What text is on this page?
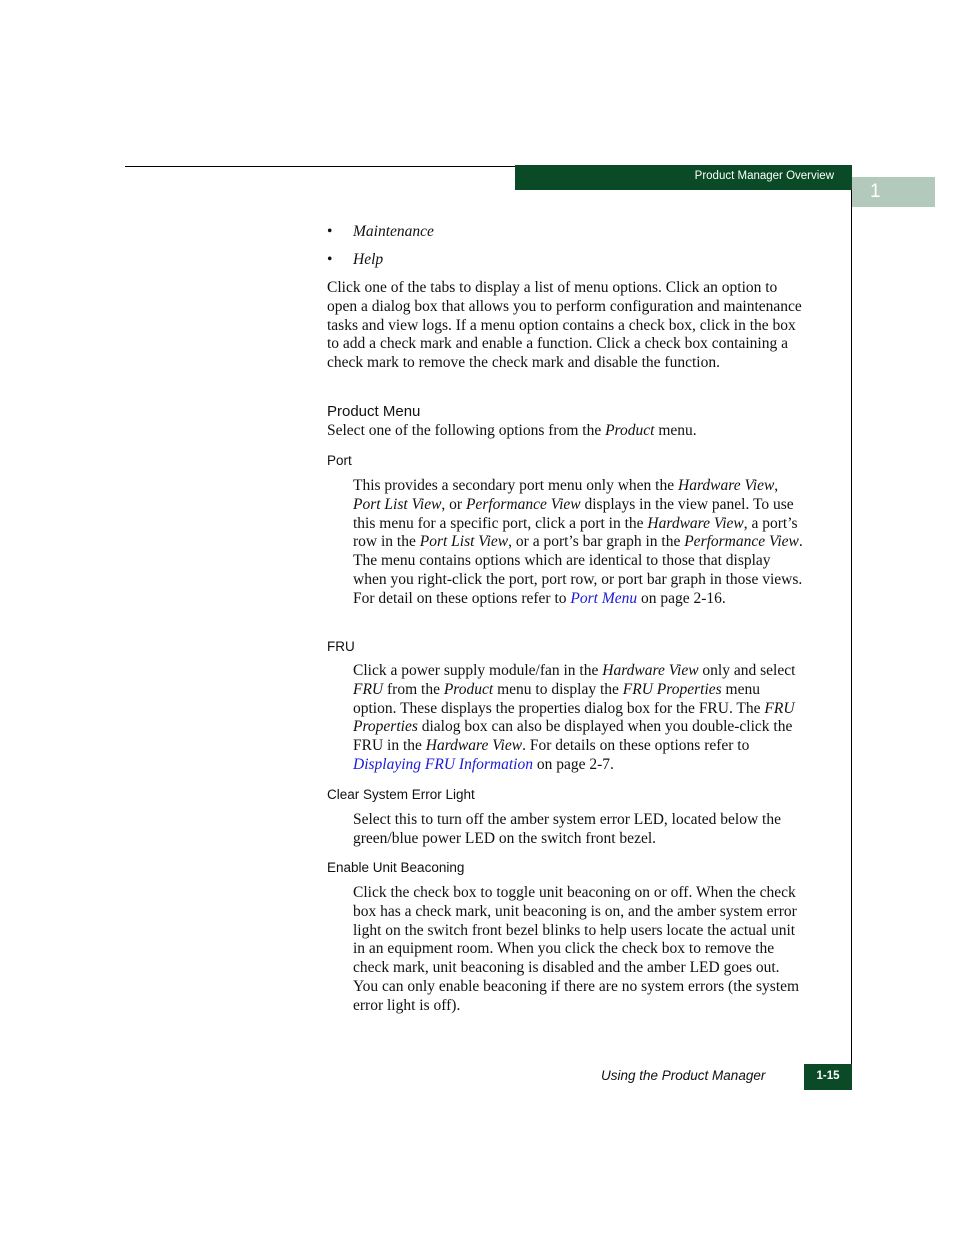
Product Manager Overview
1
• Maintenance
• Help
Click one of the tabs to display a list of menu options. Click an option to open a dialog box that allows you to perform configuration and maintenance tasks and view logs. If a menu option contains a check box, click in the box to add a check mark and enable a function. Click a check box containing a check mark to remove the check mark and disable the function.
Product Menu
Select one of the following options from the Product menu.
Port
This provides a secondary port menu only when the Hardware View, Port List View, or Performance View displays in the view panel. To use this menu for a specific port, click a port in the Hardware View, a port’s row in the Port List View, or a port’s bar graph in the Performance View. The menu contains options which are identical to those that display when you right-click the port, port row, or port bar graph in those views. For detail on these options refer to Port Menu on page 2-16.
FRU
Click a power supply module/fan in the Hardware View only and select FRU from the Product menu to display the FRU Properties menu option. These displays the properties dialog box for the FRU. The FRU Properties dialog box can also be displayed when you double-click the FRU in the Hardware View. For details on these options refer to Displaying FRU Information on page 2-7.
Clear System Error Light
Select this to turn off the amber system error LED, located below the green/blue power LED on the switch front bezel.
Enable Unit Beaconing
Click the check box to toggle unit beaconing on or off. When the check box has a check mark, unit beaconing is on, and the amber system error light on the switch front bezel blinks to help users locate the actual unit in an equipment room. When you click the check box to remove the check mark, unit beaconing is disabled and the amber LED goes out. You can only enable beaconing if there are no system errors (the system error light is off).
Using the Product Manager	1-15
